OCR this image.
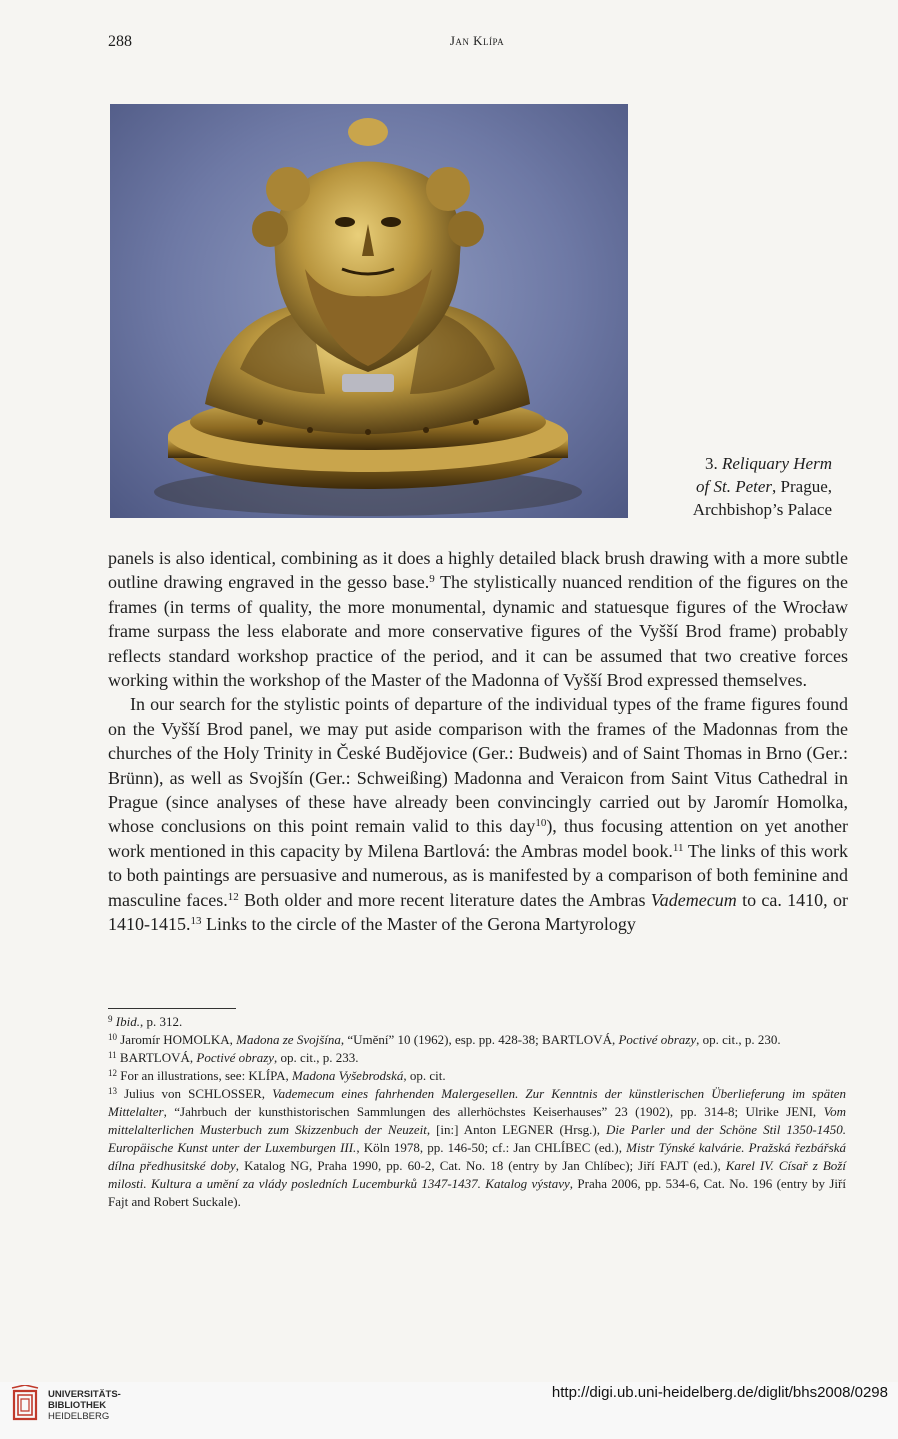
288	Jan Klípa
3. Reliquary Herm
of St. Peter, Prague,
Archbishop’s Palace

panels is also identical, combining as it does a highly detailed black brush drawing with a more subtle outline drawing engraved in the gesso base.$^9$ The stylistically nuanced rendition of the figures on the frames (in terms of quality, the more monumental, dynamic and statuesque figures of the Wrocław frame surpass the less elaborate and more conservative figures of the Vyšší Brod frame) probably reflects standard workshop practice of the period, and it can be assumed that two creative forces working within the workshop of the Master of the Madonna of Vyšší Brod expressed themselves.

In our search for the stylistic points of departure of the individual types of the frame figures found on the Vyšší Brod panel, we may put aside comparison with the frames of the Madonnas from the churches of the Holy Trinity in České Budějovice (Ger.: Budweis) and of Saint Thomas in Brno (Ger.: Brünn), as well as Svojšín (Ger.: Schweißing) Madonna and Veraicon from Saint Vitus Cathedral in Prague (since analyses of these have already been convincingly carried out by Jaromír Homolka, whose conclusions on this point remain valid to this day$^{10}$), thus focusing attention on yet another work mentioned in this capacity by Milena Bartlová: the Ambras model book.$^{11}$ The links of this work to both paintings are persuasive and numerous, as is manifested by a comparison of both feminine and masculine faces.$^{12}$ Both older and more recent literature dates the Ambras Vademecum to ca. 1410, or 1410-1415.13 Links to the circle of the Master of the Gerona Martyrology

$^9$ Ibid., p. 312.

$^{10}$ Jaromír HOMOLKA, Madona ze Svojšína, “Umění” 10 (1962), esp. pp. 428-38; BARTLOVÁ, Poctivé obrazy, op. cit., p. 230.

$^{11}$ BARTLOVÁ, Poctivé obrazy, op. cit., p. 233.

$^{12}$ For an illustrations, see: KLÍPA, Madona Vyšebrodská, op. cit.

$^{13}$ Julius von SCHLOSSER, Vademecum eines fahrhenden Malergesellen. Zur Kenntnis der künstlerischen Überlieferung im späten Mittelalter, “Jahrbuch der kunsthistorischen Sammlungen des allerhöchstes Keiserhauses” 23 (1902), pp. 314-8; Ulrike JENI, Vom mittelalterlichen Musterbuch zum Skizzenbuch der Neuzeit, [in:] Anton LEGNER (Hrsg.), Die Parler und der Schöne Stil 1350-1450. Europäische Kunst unter der Luxemburgen III., Köln 1978, pp. 146-50; cf.: Jan CHLÍBEC (ed.), Mistr Týnské kalvárie. Pražská řezbářská dílna předhusitské doby, Katalog NG, Praha 1990, pp. 60-2, Cat. No. 18 (entry by Jan Chlíbec); Jiří FAJT (ed.), Karel IV. Císař z Boží milosti. Kultura a umění za vlády posledních Lucemburků 1347-1437. Katalog výstavy, Praha 2006, pp. 534-6, Cat. No. 196 (entry by Jiří Fajt and Robert Suckale).

UNIVERSITÄTS-
BIBLIOTHEK
HEIDELBERG
http://digi.ub.uni-heidelberg.de/diglit/bhs2008/0298
